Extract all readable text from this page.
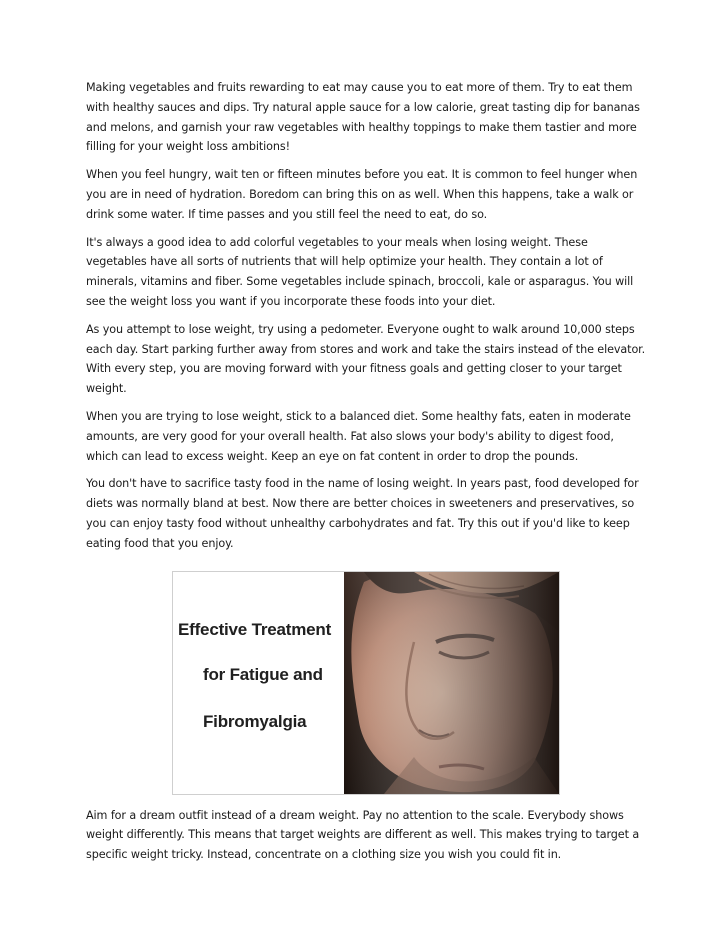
Making vegetables and fruits rewarding to eat may cause you to eat more of them. Try to eat them with healthy sauces and dips. Try natural apple sauce for a low calorie, great tasting dip for bananas and melons, and garnish your raw vegetables with healthy toppings to make them tastier and more filling for your weight loss ambitions!

When you feel hungry, wait ten or fifteen minutes before you eat. It is common to feel hunger when you are in need of hydration. Boredom can bring this on as well. When this happens, take a walk or drink some water. If time passes and you still feel the need to eat, do so.

It's always a good idea to add colorful vegetables to your meals when losing weight. These vegetables have all sorts of nutrients that will help optimize your health. They contain a lot of minerals, vitamins and fiber. Some vegetables include spinach, broccoli, kale or asparagus. You will see the weight loss you want if you incorporate these foods into your diet.

As you attempt to lose weight, try using a pedometer. Everyone ought to walk around 10,000 steps each day. Start parking further away from stores and work and take the stairs instead of the elevator. With every step, you are moving forward with your fitness goals and getting closer to your target weight.

When you are trying to lose weight, stick to a balanced diet. Some healthy fats, eaten in moderate amounts, are very good for your overall health. Fat also slows your body's ability to digest food, which can lead to excess weight. Keep an eye on fat content in order to drop the pounds.

You don't have to sacrifice tasty food in the name of losing weight. In years past, food developed for diets was normally bland at best. Now there are better choices in sweeteners and preservatives, so you can enjoy tasty food without unhealthy carbohydrates and fat. Try this out if you'd like to keep eating food that you enjoy.

Effective Treatment
for Fatigue and
Fibromyalgia

Aim for a dream outfit instead of a dream weight. Pay no attention to the scale. Everybody shows weight differently. This means that target weights are different as well. This makes trying to target a specific weight tricky. Instead, concentrate on a clothing size you wish you could fit in.
